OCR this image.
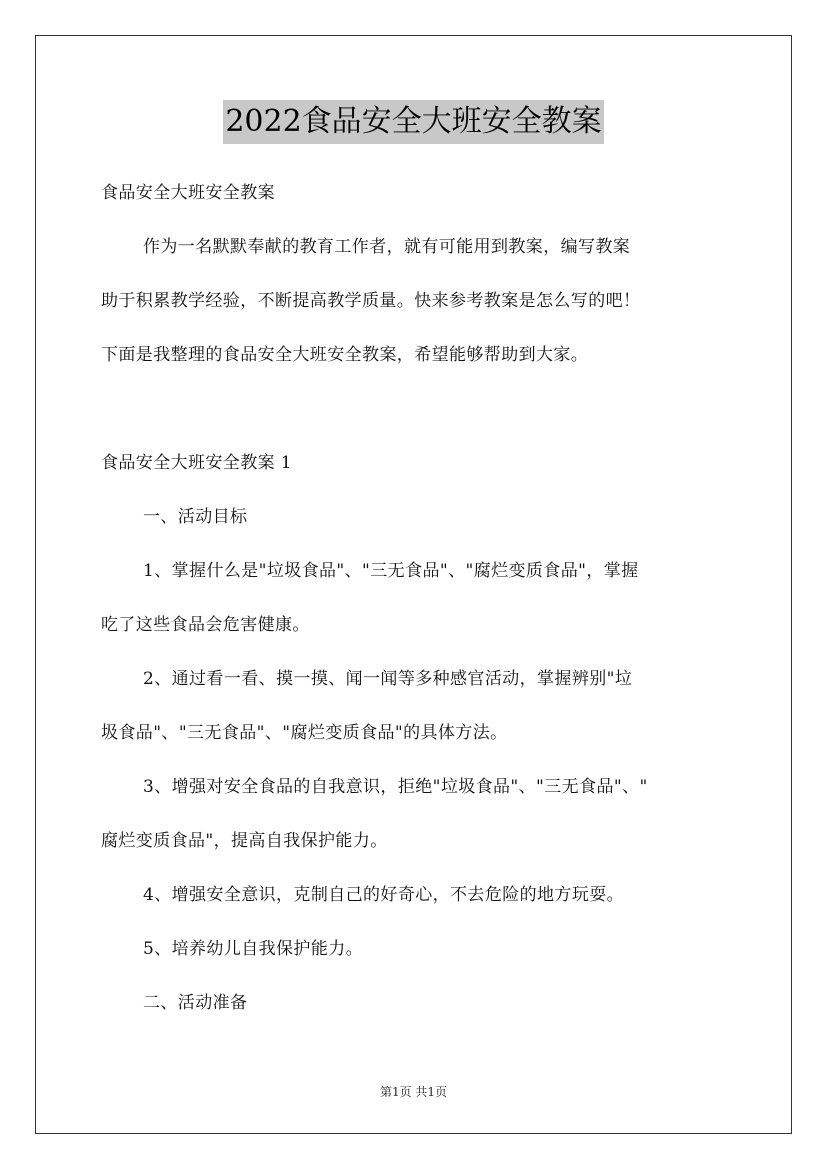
2022食品安全大班安全教案
食品安全大班安全教案
作为一名默默奉献的教育工作者，就有可能用到教案，编写教案
助于积累教学经验，不断提高教学质量。快来参考教案是怎么写的吧！
下面是我整理的食品安全大班安全教案，希望能够帮助到大家。
食品安全大班安全教案 1
一、活动目标
1、掌握什么是"垃圾食品"、"三无食品"、"腐烂变质食品"，掌握
吃了这些食品会危害健康。
2、通过看一看、摸一摸、闻一闻等多种感官活动，掌握辨别"垃
圾食品"、"三无食品"、"腐烂变质食品"的具体方法。
3、增强对安全食品的自我意识，拒绝"垃圾食品"、"三无食品"、"
腐烂变质食品"，提高自我保护能力。
4、增强安全意识，克制自己的好奇心，不去危险的地方玩耍。
5、培养幼儿自我保护能力。
二、活动准备
第1页 共1页
